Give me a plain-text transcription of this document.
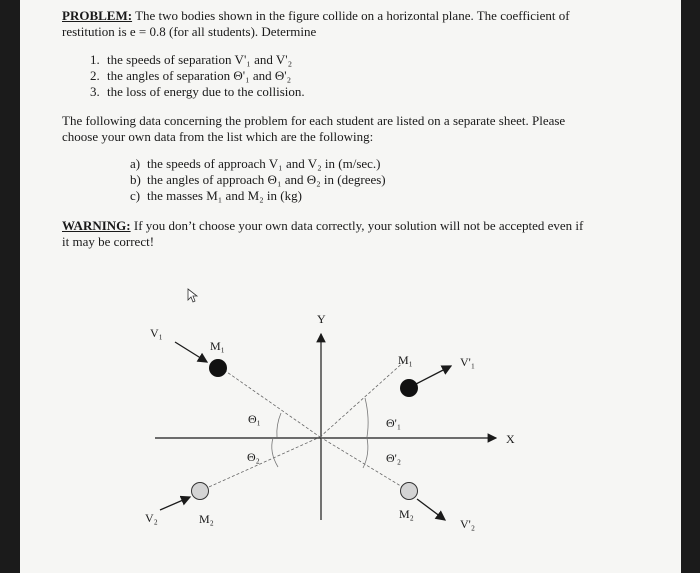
PROBLEM: The two bodies shown in the figure collide on a horizontal plane. The coefficient of
restitution is e = 0.8 (for all students). Determine
1. the speeds of separation V'₁ and V'₂
2. the angles of separation Θ'₁ and Θ'₂
3. the loss of energy due to the collision.
The following data concerning the problem for each student are listed on a separate sheet. Please
choose your own data from the list which are the following:
a) the speeds of approach V₁ and V₂ in (m/sec.)
b) the angles of approach Θ₁ and Θ₂ in (degrees)
c) the masses M₁ and M₂ in (kg)
WARNING: If you don’t choose your own data correctly, your solution will not be accepted even if
it may be correct!
Y
X
V₁
M₁
M₁	V'₁
Θ₁	Θ'₁
Θ₂	Θ'₂
V₂	M₂	M₂
V'₂
